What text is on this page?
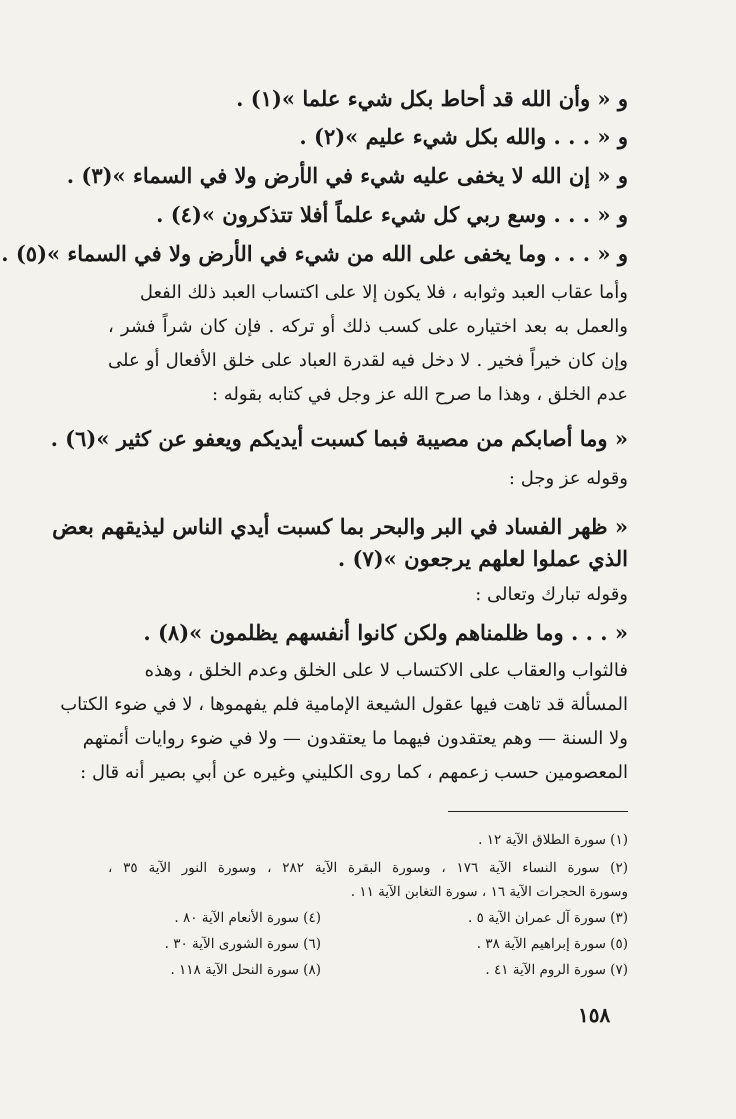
و « وأن الله قد أحاط بكل شيء علما »(١) .
و « . . . والله بكل شيء عليم »(٢) .
و « إن الله لا يخفى عليه شيء في الأرض ولا في السماء »(٣) .
و « . . . وسع ربي كل شيء علماً أفلا تتذكرون »(٤) .
و « . . . وما يخفى على الله من شيء في الأرض ولا في السماء »(٥) .
وأما عقاب العبد وثوابه ، فلا يكون إلا على اكتساب العبد ذلك الفعل
والعمل به بعد اختياره على كسب ذلك أو تركه . فإن كان شراً فشر ،
وإن كان خيراً فخير . لا دخل فيه لقدرة العباد على خلق الأفعال أو على
عدم الخلق ، وهذا ما صرح الله عز وجل في كتابه بقوله :
« وما أصابكم من مصيبة فبما كسبت أيديكم ويعفو عن كثير »(٦) .
وقوله عز وجل :
« ظهر الفساد في البر والبحر بما كسبت أيدي الناس ليذيقهم بعض
الذي عملوا لعلهم يرجعون »(٧) .
وقوله تبارك وتعالى :
« . . . وما ظلمناهم ولكن كانوا أنفسهم يظلمون »(٨) .
فالثواب والعقاب على الاكتساب لا على الخلق وعدم الخلق ، وهذه
المسألة قد تاهت فيها عقول الشيعة الإمامية فلم يفهموها ، لا في ضوء الكتاب
ولا السنة — وهم يعتقدون فيهما ما يعتقدون — ولا في ضوء روايات أئمتهم
المعصومين حسب زعمهم ، كما روى الكليني وغيره عن أبي بصير أنه قال :
(١) سورة الطلاق الآية ١٢ .
(٢) سورة النساء الآية ١٧٦ ، وسورة البقرة الآية ٢٨٢ ، وسورة النور الآية ٣٥ ،
وسورة الحجرات الآية ١٦ ، سورة التغابن الآية ١١ .
(٣) سورة آل عمران الآية ٥ .
(٤) سورة الأنعام الآية ٨٠ .
(٥) سورة إبراهيم الآية ٣٨ .
(٦) سورة الشورى الآية ٣٠ .
(٧) سورة الروم الآية ٤١ .
(٨) سورة النحل الآية ١١٨ .
١٥٨
